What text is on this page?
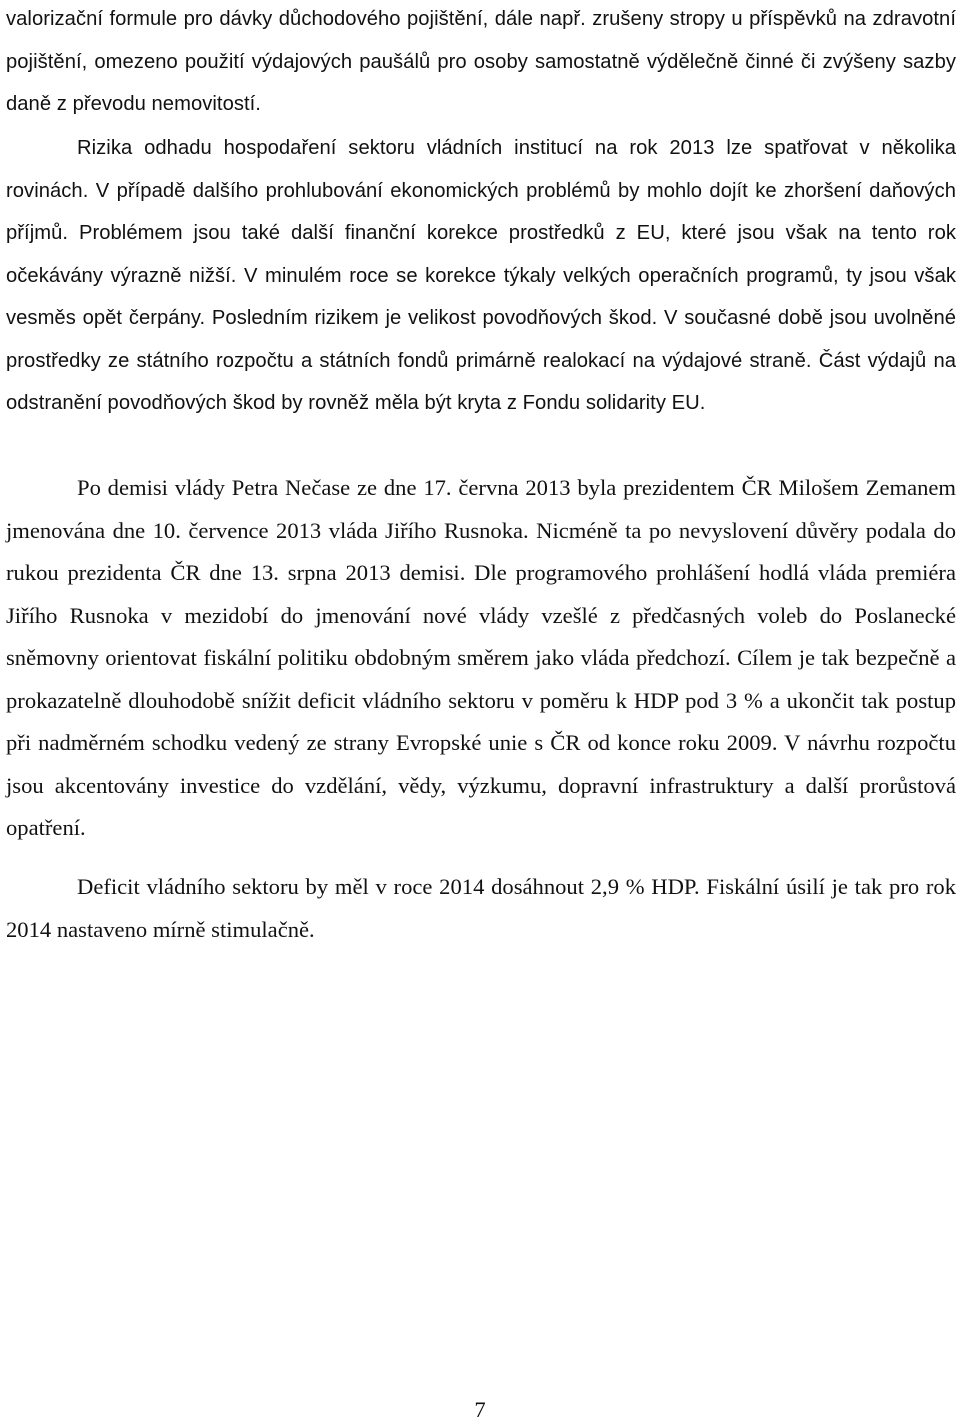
valorizační formule pro dávky důchodového pojištění, dále např. zrušeny stropy u příspěvků na zdravotní pojištění, omezeno použití výdajových paušálů pro osoby samostatně výdělečně činné či zvýšeny sazby daně z převodu nemovitostí.

Rizika odhadu hospodaření sektoru vládních institucí na rok 2013 lze spatřovat v několika rovinách. V případě dalšího prohlubování ekonomických problémů by mohlo dojít ke zhoršení daňových příjmů. Problémem jsou také další finanční korekce prostředků z EU, které jsou však na tento rok očekávány výrazně nižší. V minulém roce se korekce týkaly velkých operačních programů, ty jsou však vesměs opět čerpány. Posledním rizikem je velikost povodňových škod. V současné době jsou uvolněné prostředky ze státního rozpočtu a státních fondů primárně realokací na výdajové straně. Část výdajů na odstranění povodňových škod by rovněž měla být kryta z Fondu solidarity EU.

Po demisi vlády Petra Nečase ze dne 17. června 2013 byla prezidentem ČR Milošem Zemanem jmenována dne 10. července 2013 vláda Jiřího Rusnoka. Nicméně ta po nevyslovení důvěry podala do rukou prezidenta ČR dne 13. srpna 2013 demisi. Dle programového prohlášení hodlá vláda premiéra Jiřího Rusnoka v mezidobí do jmenování nové vlády vzešlé z předčasných voleb do Poslanecké sněmovny orientovat fiskální politiku obdobným směrem jako vláda předchozí. Cílem je tak bezpečně a prokazatelně dlouhodobě snížit deficit vládního sektoru v poměru k HDP pod 3 % a ukončit tak postup při nadměrném schodku vedený ze strany Evropské unie s ČR od konce roku 2009. V návrhu rozpočtu jsou akcentovány investice do vzdělání, vědy, výzkumu, dopravní infrastruktury a další prorůstová opatření.

Deficit vládního sektoru by měl v roce 2014 dosáhnout 2,9 % HDP. Fiskální úsilí je tak pro rok 2014 nastaveno mírně stimulačně.

7
